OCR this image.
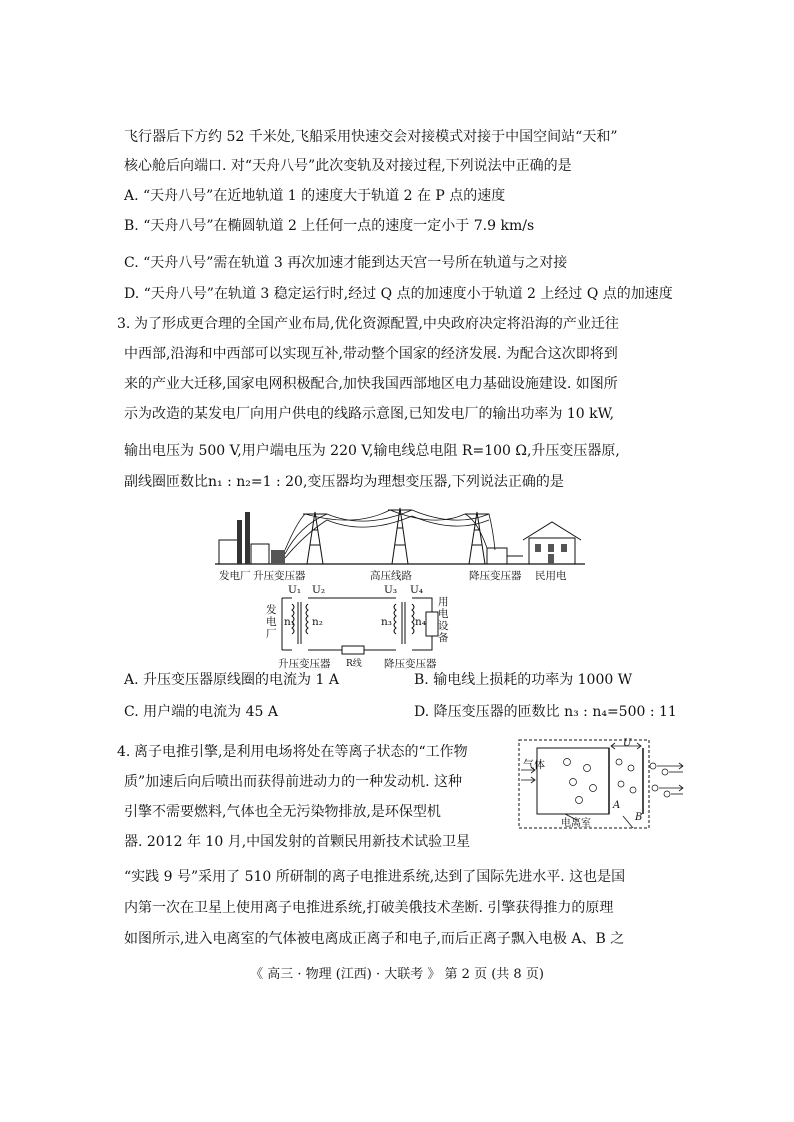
飞行器后下方约 52 千米处,飞船采用快速交会对接模式对接于中国空间站“天和”
核心舱后向端口. 对“天舟八号”此次变轨及对接过程,下列说法中正确的是
A. “天舟八号”在近地轨道 1 的速度大于轨道 2 在 P 点的速度
B. “天舟八号”在椭圆轨道 2 上任何一点的速度一定小于 7.9 km/s
C. “天舟八号”需在轨道 3 再次加速才能到达天宫一号所在轨道与之对接
D. “天舟八号”在轨道 3 稳定运行时,经过 Q 点的加速度小于轨道 2 上经过 Q 点的加速度
3. 为了形成更合理的全国产业布局,优化资源配置,中央政府决定将沿海的产业迁往
中西部,沿海和中西部可以实现互补,带动整个国家的经济发展. 为配合这次即将到
来的产业大迁移,国家电网积极配合,加快我国西部地区电力基础设施建设. 如图所
示为改造的某发电厂向用户供电的线路示意图,已知发电厂的输出功率为 10 kW,
输出电压为 500 V,用户端电压为 220 V,输电线总电阻 R=100 Ω,升压变压器原,
副线圈匝数比n₁ : n₂=1 : 20,变压器均为理想变压器,下列说法正确的是
发电厂 升压变压器	高压线路	降压变压器 民用电
U₁ U₂	U₃ U₄
n₁ n₂	n₃ n₄
发电厂
用电设备
升压变压器 R线 降压变压器
A. 升压变压器原线圈的电流为 1 A	B. 输电线上损耗的功率为 1000 W
C. 用户端的电流为 45 A	D. 降压变压器的匝数比 n₃ : n₄=500 : 11
4. 离子电推引擎,是利用电场将处在等离子状态的“工作物
质”加速后向后喷出而获得前进动力的一种发动机. 这种
引擎不需要燃料,气体也全无污染物排放,是环保型机
器. 2012 年 10 月,中国发射的首颗民用新技术试验卫星
“实践 9 号”采用了 510 所研制的离子电推进系统,达到了国际先进水平. 这也是国
内第一次在卫星上使用离子电推进系统,打破美俄技术垄断. 引擎获得推力的原理
如图所示,进入电离室的气体被电离成正离子和电子,而后正离子飘入电极 A、B 之
气体
电离室
U
A
B
《 高三 · 物理 (江西) · 大联考 》 第 2 页 (共 8 页)
